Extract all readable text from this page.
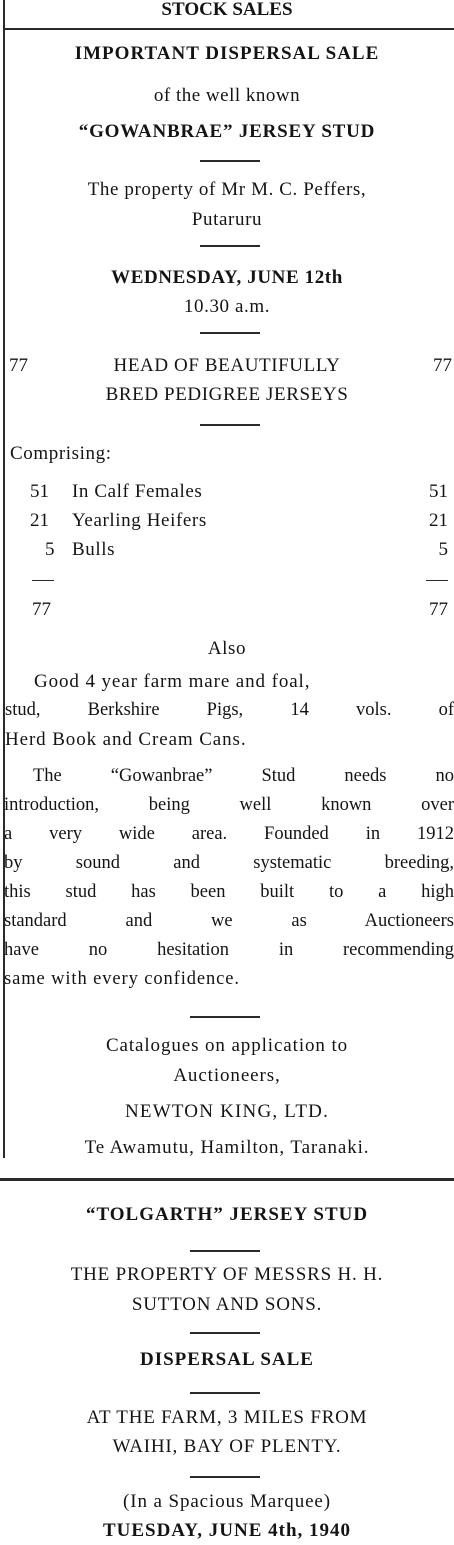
STOCK SALES
IMPORTANT DISPERSAL SALE
of the well known
“GOWANBRAE” JERSEY STUD
The property of Mr M. C. Peffers,
Putaruru
WEDNESDAY, JUNE 12th
10.30 a.m.
77	HEAD OF BEAUTIFULLY	77
BRED PEDIGREE JERSEYS
Comprising:
51 In Calf Females	51
21 Yearling Heifers	21
5 Bulls	5
77	77
Also
Good 4 year farm mare and foal,
stud, Berkshire Pigs, 14 vols. of
Herd Book and Cream Cans.
The “Gowanbrae” Stud needs no
introduction, being well known over
a very wide area. Founded in 1912
by sound and systematic breeding,
this stud has been built to a high
standard and we as Auctioneers
have no hesitation in recommending
same with every confidence.
Catalogues on application to
Auctioneers,
NEWTON KING, LTD.
Te Awamutu, Hamilton, Taranaki.
“TOLGARTH” JERSEY STUD
THE PROPERTY OF MESSRS H. H.
SUTTON AND SONS.
DISPERSAL SALE
AT THE FARM, 3 MILES FROM
WAIHI, BAY OF PLENTY.
(In a Spacious Marquee)
TUESDAY, JUNE 4th, 1940
